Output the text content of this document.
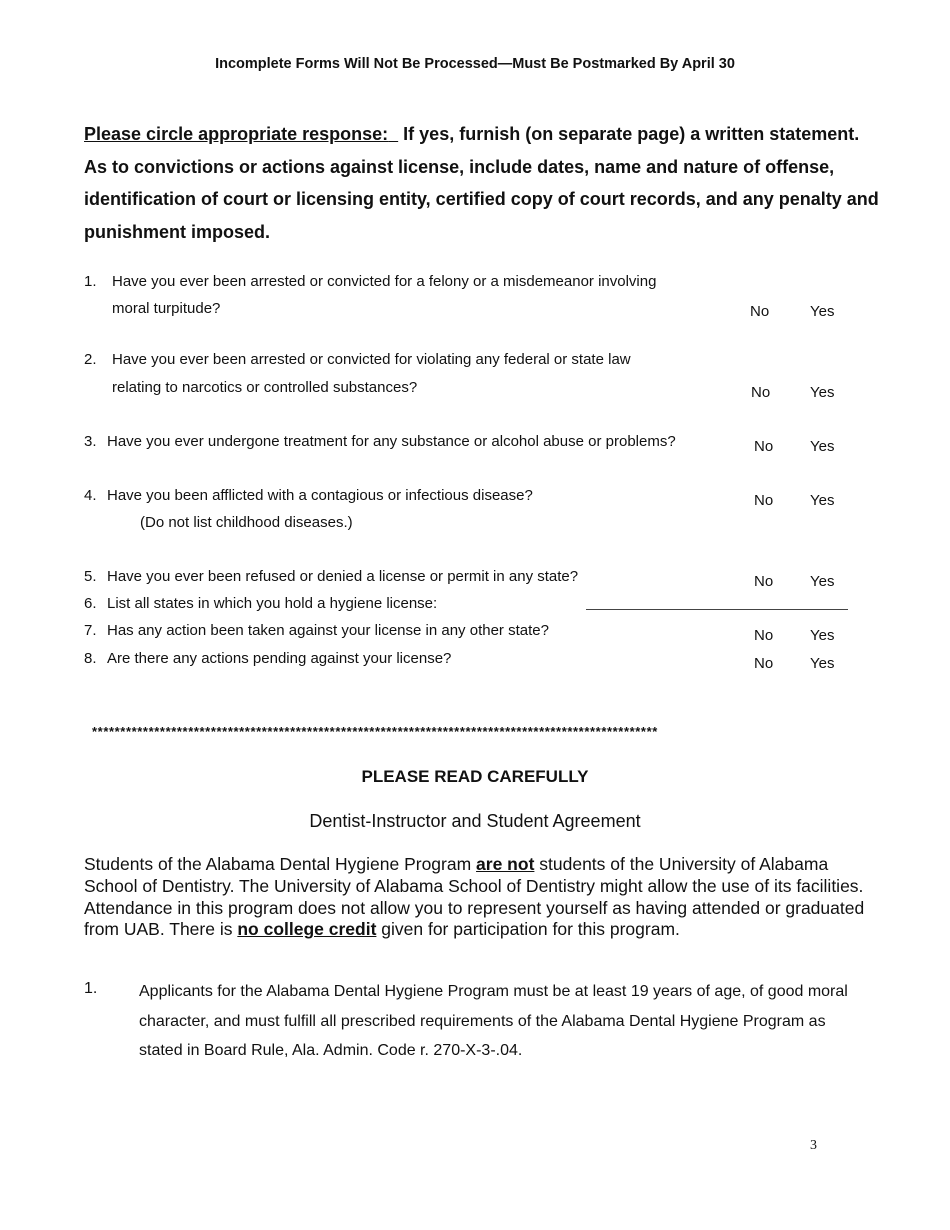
Incomplete Forms Will Not Be Processed—Must Be Postmarked By April 30
Please circle appropriate response: If yes, furnish (on separate page) a written statement. As to convictions or actions against license, include dates, name and nature of offense, identification of court or licensing entity, certified copy of court records, and any penalty and punishment imposed.
1. Have you ever been arrested or convicted for a felony or a misdemeanor involving
moral turpitude?	No	Yes
2. Have you ever been arrested or convicted for violating any federal or state law
relating to narcotics or controlled substances?	No	Yes
3. Have you ever undergone treatment for any substance or alcohol abuse or problems?	No Yes
4. Have you been afflicted with a contagious or infectious disease?
(Do not list childhood diseases.)
No Yes
5. Have you ever been refused or denied a license or permit in any state?	No Yes
6. List all states in which you hold a hygiene license:
7. Has any action been taken against your license in any other state?	No Yes
8. Are there any actions pending against your license?	No Yes
****************************************************************************************************
PLEASE READ CAREFULLY
Dentist-Instructor and Student Agreement
Students of the Alabama Dental Hygiene Program are not students of the University of Alabama School of Dentistry. The University of Alabama School of Dentistry might allow the use of its facilities. Attendance in this program does not allow you to represent yourself as having attended or graduated from UAB. There is no college credit given for participation for this program.
1.	Applicants for the Alabama Dental Hygiene Program must be at least 19 years of age, of good moral character, and must fulfill all prescribed requirements of the Alabama Dental Hygiene Program as stated in Board Rule, Ala. Admin. Code r. 270-X-3-.04.
3
